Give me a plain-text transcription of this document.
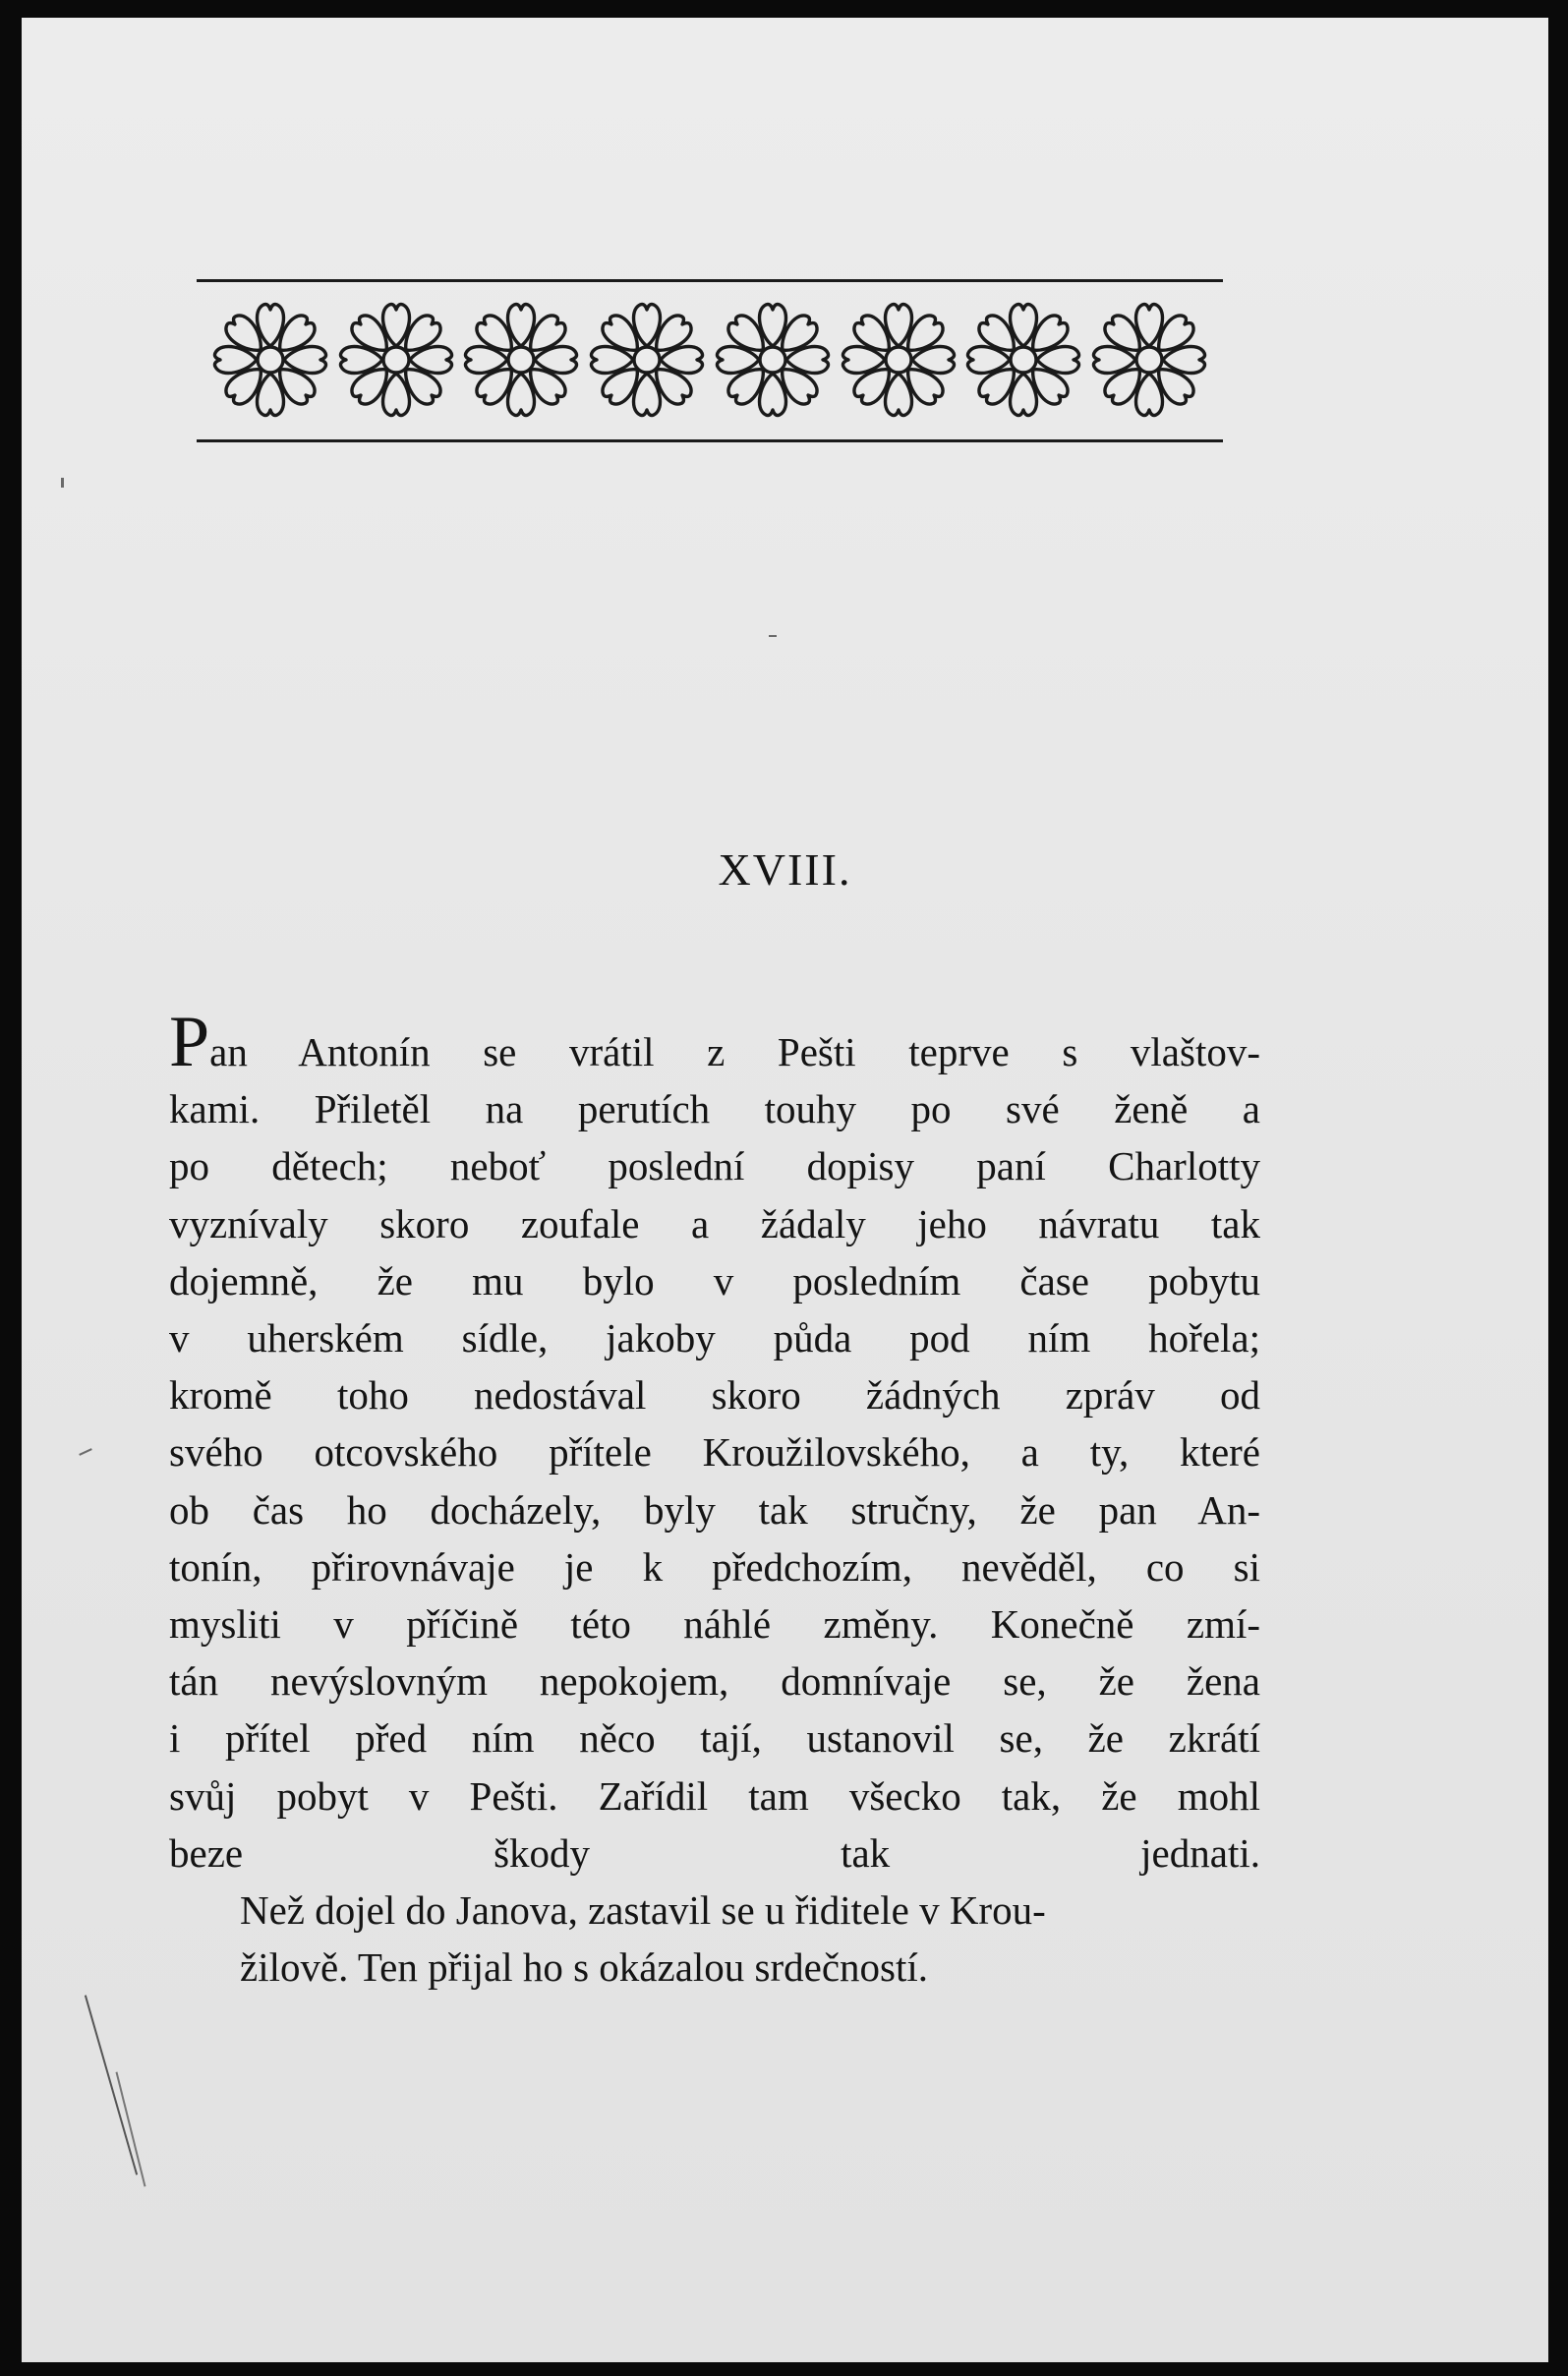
XVIII.

Pan Antonín se vrátil z Pešti teprve s vlaštov-

kami. Přiletěl na perutích touhy po své ženě a
po dětech; neboť poslední dopisy paní Charlotty
vyznívaly skoro zoufale a žádaly jeho návratu tak
dojemně, že mu bylo v posledním čase pobytu
v uherském sídle, jakoby půda pod ním hořela;
kromě toho nedostával skoro žádných zpráv od
svého otcovského přítele Kroužilovského, a ty, které
ob čas ho docházely, byly tak stručny, že pan An-
tonín, přirovnávaje je k předchozím, nevěděl, co si
mysliti v příčině této náhlé změny. Konečně zmí-
tán nevýslovným nepokojem, domnívaje se, že žena
i přítel před ním něco tají, ustanovil se, že zkrátí
svůj pobyt v Pešti. Zařídil tam všecko tak, že mohl
beze škody tak jednati.

Než dojel do Janova, zastavil se u řiditele v Krou-
žilově. Ten přijal ho s okázalou srdečností.
